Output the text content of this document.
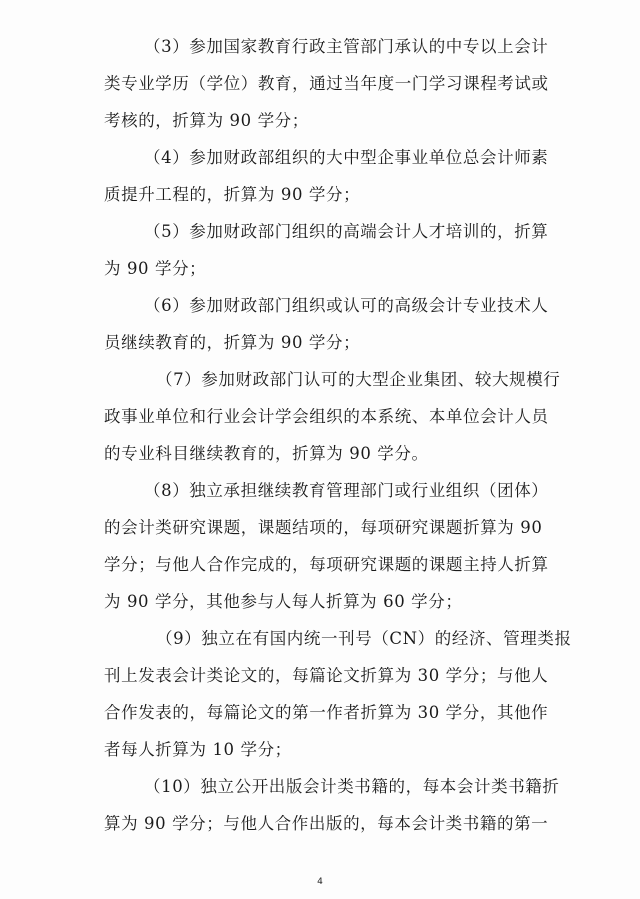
（3）参加国家教育行政主管部门承认的中专以上会计
类专业学历（学位）教育，通过当年度一门学习课程考试或
考核的，折算为 90 学分；

（4）参加财政部组织的大中型企事业单位总会计师素
质提升工程的，折算为 90 学分；

（5）参加财政部门组织的高端会计人才培训的，折算
为 90 学分；

（6）参加财政部门组织或认可的高级会计专业技术人
员继续教育的，折算为 90 学分；

（7）参加财政部门认可的大型企业集团、较大规模行
政事业单位和行业会计学会组织的本系统、本单位会计人员
的专业科目继续教育的，折算为 90 学分。

（8）独立承担继续教育管理部门或行业组织（团体）
的会计类研究课题，课题结项的，每项研究课题折算为 90
学分；与他人合作完成的，每项研究课题的课题主持人折算
为 90 学分，其他参与人每人折算为 60 学分；

（9）独立在有国内统一刊号（CN）的经济、管理类报
刊上发表会计类论文的，每篇论文折算为 30 学分；与他人
合作发表的，每篇论文的第一作者折算为 30 学分，其他作
者每人折算为 10 学分；

（10）独立公开出版会计类书籍的，每本会计类书籍折
算为 90 学分；与他人合作出版的，每本会计类书籍的第一

4
